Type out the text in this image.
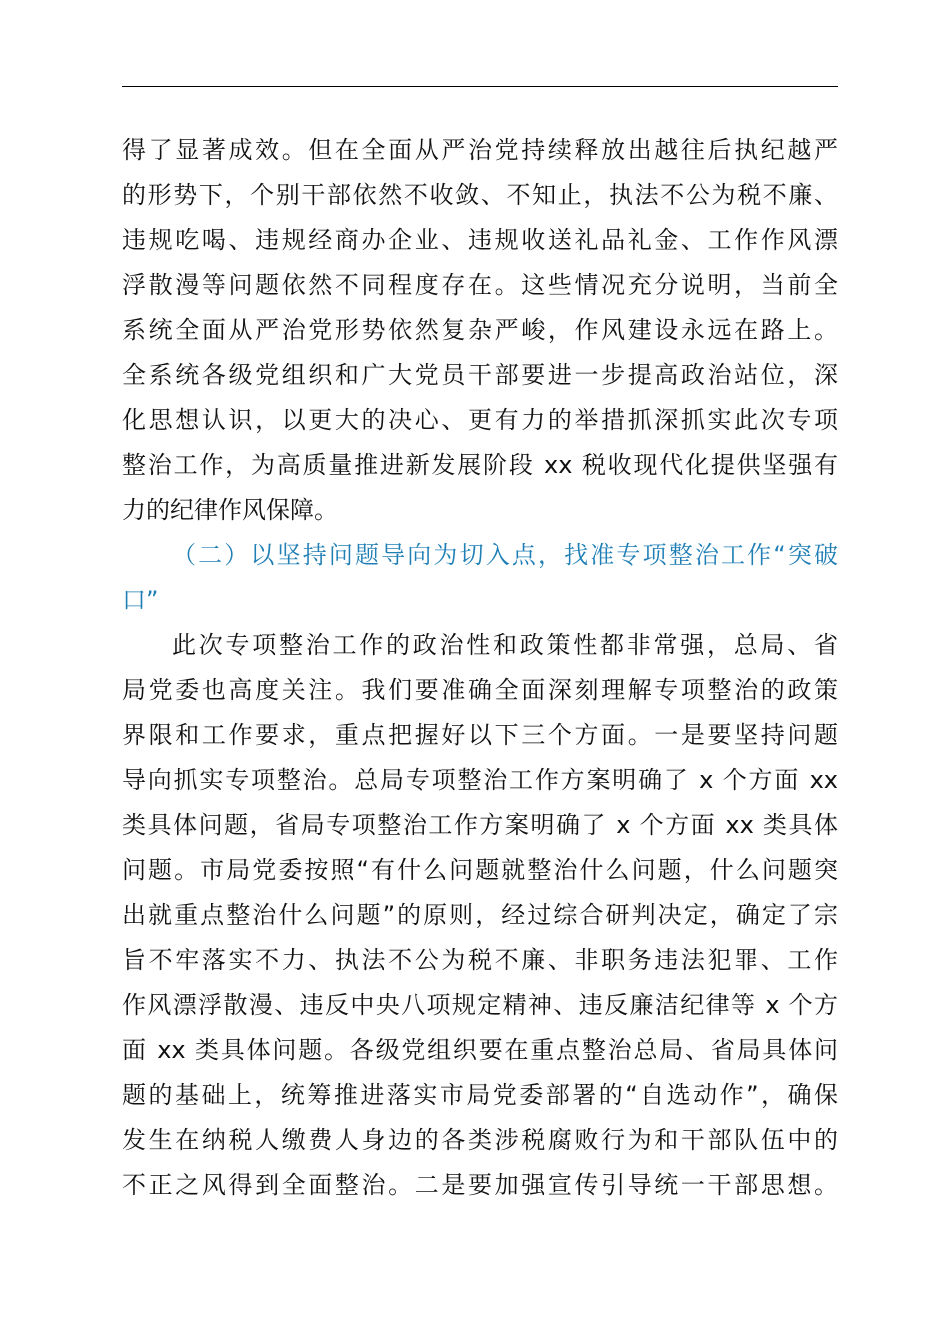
得了显著成效。但在全面从严治党持续释放出越往后执纪越严
的形势下，个别干部依然不收敛、不知止，执法不公为税不廉、
违规吃喝、违规经商办企业、违规收送礼品礼金、工作作风漂
浮散漫等问题依然不同程度存在。这些情况充分说明，当前全
系统全面从严治党形势依然复杂严峻，作风建设永远在路上。
全系统各级党组织和广大党员干部要进一步提高政治站位，深
化思想认识，以更大的决心、更有力的举措抓深抓实此次专项
整治工作，为高质量推进新发展阶段 xx 税收现代化提供坚强有
力的纪律作风保障。
（二）以坚持问题导向为切入点，找准专项整治工作“突破
口”
此次专项整治工作的政治性和政策性都非常强，总局、省
局党委也高度关注。我们要准确全面深刻理解专项整治的政策
界限和工作要求，重点把握好以下三个方面。一是要坚持问题
导向抓实专项整治。总局专项整治工作方案明确了 x 个方面 xx
类具体问题，省局专项整治工作方案明确了 x 个方面 xx 类具体
问题。市局党委按照“有什么问题就整治什么问题，什么问题突
出就重点整治什么问题”的原则，经过综合研判决定，确定了宗
旨不牢落实不力、执法不公为税不廉、非职务违法犯罪、工作
作风漂浮散漫、违反中央八项规定精神、违反廉洁纪律等 x 个方
面 xx 类具体问题。各级党组织要在重点整治总局、省局具体问
题的基础上，统筹推进落实市局党委部署的“自选动作”，确保
发生在纳税人缴费人身边的各类涉税腐败行为和干部队伍中的
不正之风得到全面整治。二是要加强宣传引导统一干部思想。
